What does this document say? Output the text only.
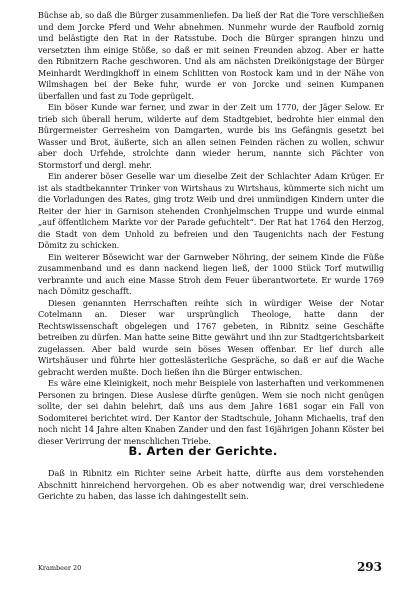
Büchse ab, so daß die Bürger zusammenliefen. Da ließ der Rat die Tore verschließen und dem Jorcke Pferd und Wehr abnehmen. Nunmehr wurde der Raufbold zornig und belästigte den Rat in der Ratsstube. Doch die Bürger sprangen hinzu und versetzten ihm einige Stöße, so daß er mit seinen Freunden abzog. Aber er hatte den Ribnitzern Rache geschworen. Und als am nächsten Dreikönigstage der Bürger Meinhardt Werdingkhoff in einem Schlitten von Rostock kam und in der Nähe von Wilmshagen bei der Beke fuhr, wurde er von Jorcke und seinen Kumpanen überfallen und fast zu Tode geprügelt.

Ein böser Kunde war ferner, und zwar in der Zeit um 1770, der Jäger Selow. Er trieb sich überall herum, wilderte auf dem Stadtgebiet, bedrohte hier einmal den Bürgermeister Gerresheim von Damgarten, wurde bis ins Gefängnis gesetzt bei Wasser und Brot, äußerte, sich an allen seinen Feinden rächen zu wollen, schwur aber doch Urfehde, strolchte dann wieder herum, nannte sich Pächter von Stormstorf und dergl. mehr.

Ein anderer böser Geselle war um dieselbe Zeit der Schlachter Adam Krüger. Er ist als stadtbekannter Trinker von Wirtshaus zu Wirtshaus, kümmerte sich nicht um die Vorladungen des Rates, ging trotz Weib und drei unmündigen Kindern unter die Reiter der hier in Garnison stehenden Cronhjelmschen Truppe und wurde einmal „auf öffentlichem Markte vor der Parade gefuchtelt“. Der Rat hat 1764 den Herzog, die Stadt von dem Unhold zu befreien und den Taugenichts nach der Festung Dömitz zu schicken.

Ein weiterer Bösewicht war der Garnweber Nöhring, der seinem Kinde die Füße zusammenband und es dann nackend liegen ließ, der 1000 Stück Torf mutwillig verbrannte und auch eine Masse Stroh dem Feuer überantwortete. Er wurde 1769 nach Dömitz geschafft.

Diesen genannten Herrschaften reihte sich in würdiger Weise der Notar Cotelmann an. Dieser war ursprünglich Theologe, hatte dann der Rechtswissenschaft obgelegen und 1767 gebeten, in Ribnitz seine Geschäfte betreiben zu dürfen. Man hatte seine Bitte gewährt und ihn zur Stadtgerichtsbarkeit zugelassen. Aber bald wurde sein böses Wesen offenbar. Er lief durch alle Wirtshäuser und führte hier gotteslästerliche Gespräche, so daß er auf die Wache gebracht werden mußte. Doch ließen ihn die Bürger entwischen.

Es wäre eine Kleinigkeit, noch mehr Beispiele von lasterhaften und verkommenen Personen zu bringen. Diese Auslese dürfte genügen. Wem sie noch nicht genügen sollte, der sei dahin belehrt, daß uns aus dem Jahre 1681 sogar ein Fall von Sodomiterei berichtet wird. Der Kantor der Stadtschule, Johann Michaelis, traf den noch nicht 14 Jahre alten Knaben Zander und den fast 16jährigen Johann Köster bei dieser Verirrung der menschlichen Triebe.

B. Arten der Gerichte.

Daß in Ribnitz ein Richter seine Arbeit hatte, dürfte aus dem vorstehenden Abschnitt hinreichend hervorgehen. Ob es aber notwendig war, drei verschiedene Gerichte zu haben, das lasse ich dahingestellt sein.

Krambeer 20	293
